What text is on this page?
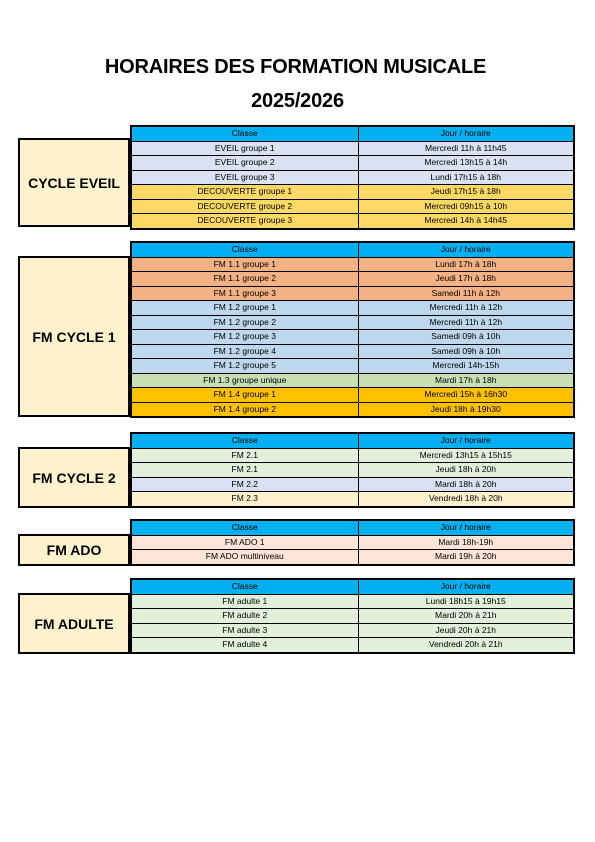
HORAIRES DES FORMATION MUSICALE
2025/2026
CYCLE EVEIL
Classe	Jour / horaire
EVEIL groupe 1	Mercredi 11h à 11h45
EVEIL groupe 2	Mercredi 13h15 à 14h
EVEIL groupe 3	Lundi 17h15 à 18h
DECOUVERTE groupe 1	Jeudi 17h15 à 18h
DECOUVERTE groupe 2	Mercredi 09h15 à 10h
DECOUVERTE groupe 3	Mercredi 14h à 14h45
FM CYCLE 1
Classe	Jour / horaire
FM 1.1 groupe 1	Lundi 17h à 18h
FM 1.1 groupe 2	Jeudi 17h à 18h
FM 1.1 groupe 3	Samedi 11h à 12h
FM 1.2 groupe 1	Mercredi 11h à 12h
FM 1.2 groupe 2	Mercredi 11h à 12h
FM 1.2 groupe 3	Samedi 09h à 10h
FM 1.2 groupe 4	Samedi 09h à 10h
FM 1.2 groupe 5	Mercredi 14h-15h
FM 1.3 groupe unique	Mardi 17h à 18h
FM 1.4 groupe 1	Mercredi 15h à 16h30
FM 1.4 groupe 2	Jeudi 18h à 19h30
FM CYCLE 2
Classe	Jour / horaire
FM 2.1	Mercredi 13h15 à 15h15
FM 2.1	Jeudi 18h à 20h
FM 2.2	Mardi 18h à 20h
FM 2.3	Vendredi 18h à 20h
FM ADO
Classe	Jour / horaire
FM ADO 1	Mardi 18h-19h
FM ADO multiniveau	Mardi 19h à 20h
FM ADULTE
Classe	Jour / horaire
FM adulte 1	Lundi 18h15 à 19h15
FM adulte 2	Mardi 20h à 21h
FM adulte 3	Jeudi 20h à 21h
FM adulte 4	Vendredi 20h à 21h
